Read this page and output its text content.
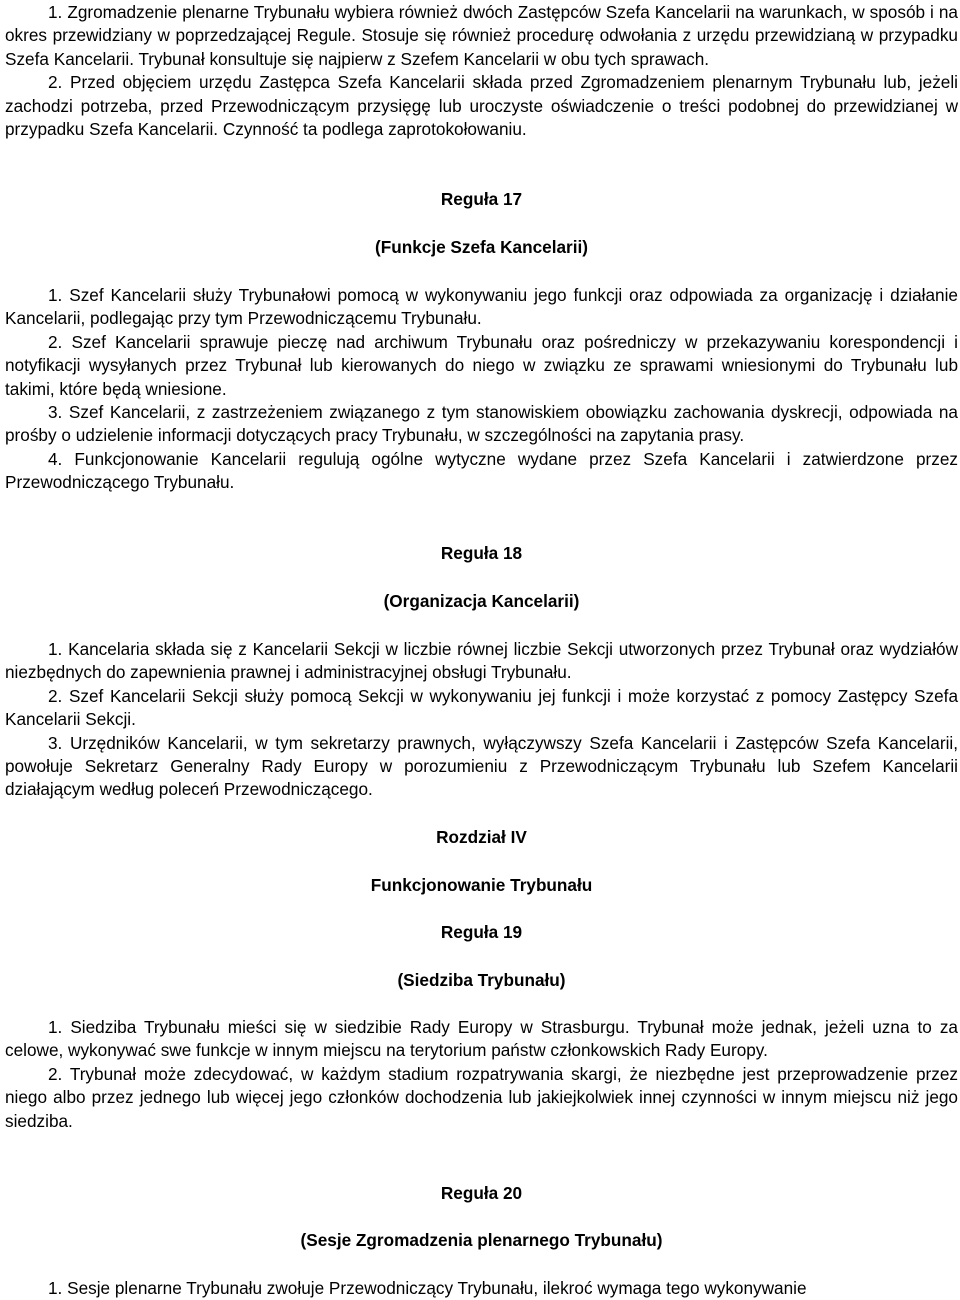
1. Zgromadzenie plenarne Trybunału wybiera również dwóch Zastępców Szefa Kancelarii na warunkach, w sposób i na okres przewidziany w poprzedzającej Regule. Stosuje się również procedurę odwołania z urzędu przewidzianą w przypadku Szefa Kancelarii. Trybunał konsultuje się najpierw z Szefem Kancelarii w obu tych sprawach.

2. Przed objęciem urzędu Zastępca Szefa Kancelarii składa przed Zgromadzeniem plenarnym Trybunału lub, jeżeli zachodzi potrzeba, przed Przewodniczącym przysięgę lub uroczyste oświadczenie o treści podobnej do przewidzianej w przypadku Szefa Kancelarii. Czynność ta podlega zaprotokołowaniu.

Reguła 17

(Funkcje Szefa Kancelarii)

1. Szef Kancelarii służy Trybunałowi pomocą w wykonywaniu jego funkcji oraz odpowiada za organizację i działanie Kancelarii, podlegając przy tym Przewodniczącemu Trybunału.

2. Szef Kancelarii sprawuje pieczę nad archiwum Trybunału oraz pośredniczy w przekazywaniu korespondencji i notyfikacji wysyłanych przez Trybunał lub kierowanych do niego w związku ze sprawami wniesionymi do Trybunału lub takimi, które będą wniesione.

3. Szef Kancelarii, z zastrzeżeniem związanego z tym stanowiskiem obowiązku zachowania dyskrecji, odpowiada na prośby o udzielenie informacji dotyczących pracy Trybunału, w szczególności na zapytania prasy.

4. Funkcjonowanie Kancelarii regulują ogólne wytyczne wydane przez Szefa Kancelarii i zatwierdzone przez Przewodniczącego Trybunału.

Reguła 18

(Organizacja Kancelarii)

1. Kancelaria składa się z Kancelarii Sekcji w liczbie równej liczbie Sekcji utworzonych przez Trybunał oraz wydziałów niezbędnych do zapewnienia prawnej i administracyjnej obsługi Trybunału.

2. Szef Kancelarii Sekcji służy pomocą Sekcji w wykonywaniu jej funkcji i może korzystać z pomocy Zastępcy Szefa Kancelarii Sekcji.

3. Urzędników Kancelarii, w tym sekretarzy prawnych, wyłączywszy Szefa Kancelarii i Zastępców Szefa Kancelarii, powołuje Sekretarz Generalny Rady Europy w porozumieniu z Przewodniczącym Trybunału lub Szefem Kancelarii działającym według poleceń Przewodniczącego.

Rozdział IV

Funkcjonowanie Trybunału

Reguła 19

(Siedziba Trybunału)

1. Siedziba Trybunału mieści się w siedzibie Rady Europy w Strasburgu. Trybunał może jednak, jeżeli uzna to za celowe, wykonywać swe funkcje w innym miejscu na terytorium państw członkowskich Rady Europy.

2. Trybunał może zdecydować, w każdym stadium rozpatrywania skargi, że niezbędne jest przeprowadzenie przez niego albo przez jednego lub więcej jego członków dochodzenia lub jakiejkolwiek innej czynności w innym miejscu niż jego siedziba.

Reguła 20

(Sesje Zgromadzenia plenarnego Trybunału)

1. Sesje plenarne Trybunału zwołuje Przewodniczący Trybunału, ilekroć wymaga tego wykonywanie
